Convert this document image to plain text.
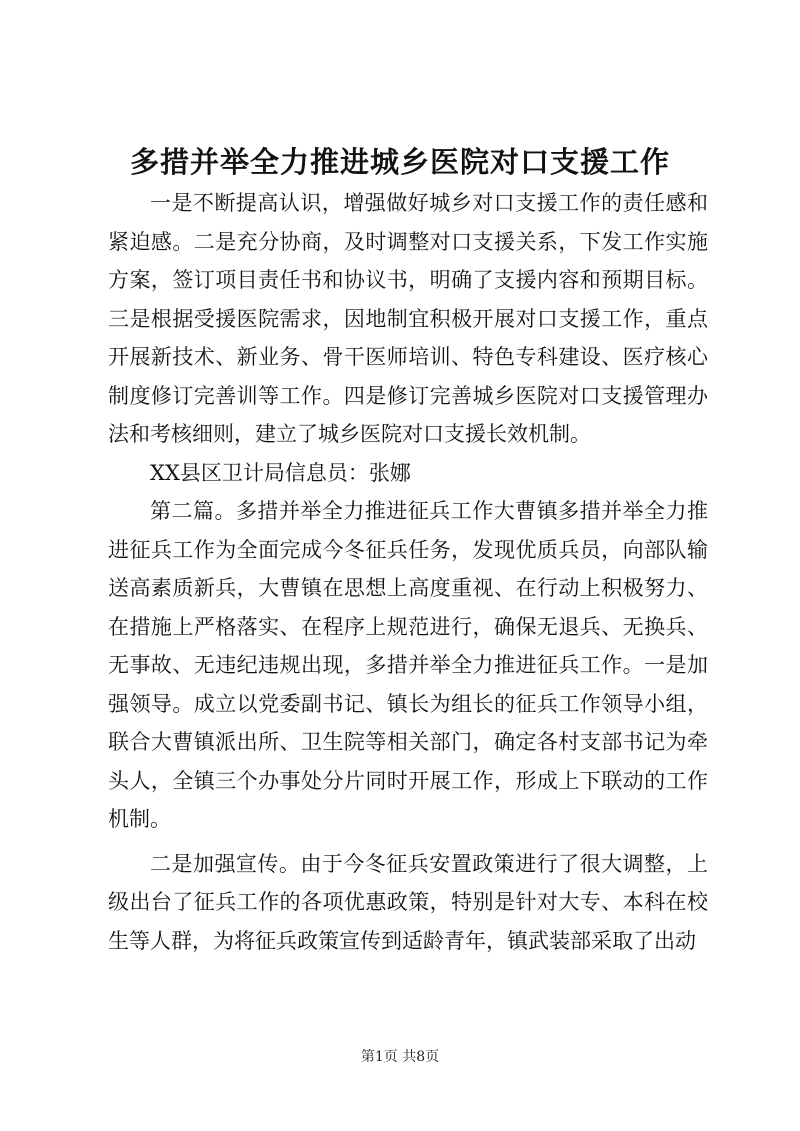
多措并举全力推进城乡医院对口支援工作

一是不断提高认识，增强做好城乡对口支援工作的责任感和紧迫感。二是充分协商，及时调整对口支援关系，下发工作实施方案，签订项目责任书和协议书，明确了支援内容和预期目标。三是根据受援医院需求，因地制宜积极开展对口支援工作，重点开展新技术、新业务、骨干医师培训、特色专科建设、医疗核心制度修订完善训等工作。四是修订完善城乡医院对口支援管理办法和考核细则，建立了城乡医院对口支援长效机制。

XX县区卫计局信息员：张娜

第二篇。多措并举全力推进征兵工作大曹镇多措并举全力推进征兵工作为全面完成今冬征兵任务，发现优质兵员，向部队输送高素质新兵，大曹镇在思想上高度重视、在行动上积极努力、在措施上严格落实、在程序上规范进行，确保无退兵、无换兵、无事故、无违纪违规出现，多措并举全力推进征兵工作。一是加强领导。成立以党委副书记、镇长为组长的征兵工作领导小组，联合大曹镇派出所、卫生院等相关部门，确定各村支部书记为牵头人，全镇三个办事处分片同时开展工作，形成上下联动的工作机制。

二是加强宣传。由于今冬征兵安置政策进行了很大调整，上级出台了征兵工作的各项优惠政策，特别是针对大专、本科在校生等人群，为将征兵政策宣传到适龄青年，镇武装部采取了出动

第1页 共8页
